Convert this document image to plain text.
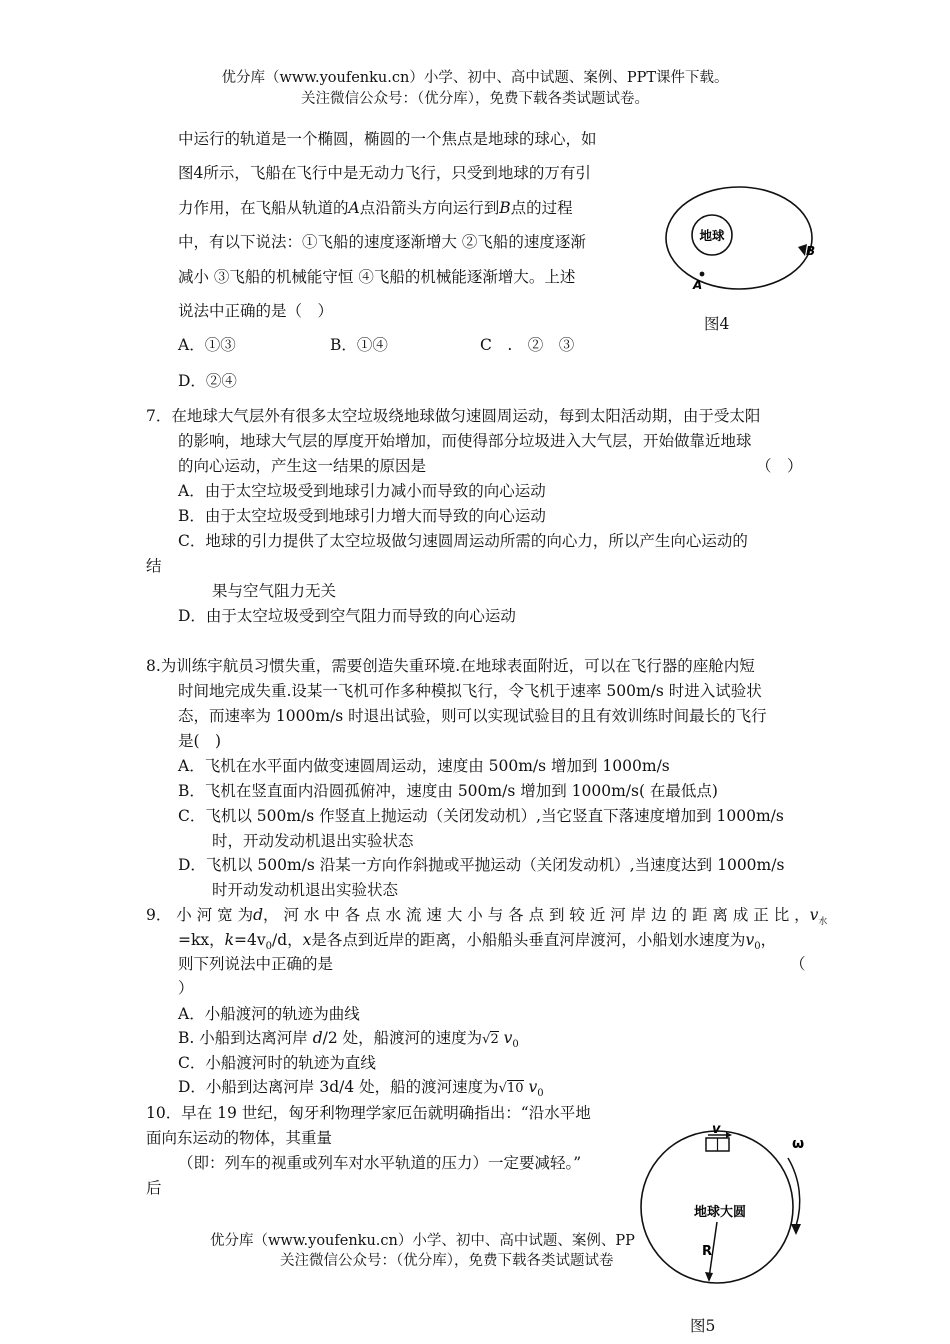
优分库（www.youfenku.cn）小学、初中、高中试题、案例、PPT课件下载。
关注微信公众号：（优分库），免费下载各类试题试卷。
中运行的轨道是一个椭圆，椭圆的一个焦点是地球的球心，如
图4所示，飞船在飞行中是无动力飞行，只受到地球的万有引
力作用，在飞船从轨道的A点沿箭头方向运行到B点的过程
中，有以下说法：①飞船的速度逐渐增大 ②飞船的速度逐渐
减小 ③飞船的机械能守恒 ④飞船的机械能逐渐增大。上述
说法中正确的是（　）
A．①③	B．①④	C　.　②　③
D．②④
地球
A
B
图4
7．在地球大气层外有很多太空垃圾绕地球做匀速圆周运动，每到太阳活动期，由于受太阳
的影响，地球大气层的厚度开始增加，而使得部分垃圾进入大气层，开始做靠近地球
的向心运动，产生这一结果的原因是	（　）
A．由于太空垃圾受到地球引力减小而导致的向心运动
B．由于太空垃圾受到地球引力增大而导致的向心运动
C．地球的引力提供了太空垃圾做匀速圆周运动所需的向心力，所以产生向心运动的
结
果与空气阻力无关
D．由于太空垃圾受到空气阻力而导致的向心运动
8.为训练宇航员习惯失重，需要创造失重环境.在地球表面附近，可以在飞行器的座舱内短
时间地完成失重.设某一飞机可作多种模拟飞行，令飞机于速率 500m/s 时进入试验状
态，而速率为 1000m/s 时退出试验，则可以实现试验目的且有效训练时间最长的飞行
是(　)
A．飞机在水平面内做变速圆周运动，速度由 500m/s 增加到 1000m/s
B．飞机在竖直面内沿圆孤俯冲，速度由 500m/s 增加到 1000m/s( 在最低点)
C．飞机以 500m/s 作竖直上抛运动（关闭发动机）,当它竖直下落速度增加到 1000m/s
时，开动发动机退出实验状态
D．飞机以 500m/s 沿某一方向作斜抛或平抛运动（关闭发动机）,当速度达到 1000m/s
时开动发动机退出实验状态
9． 小 河 宽 为d， 河 水 中 各 点 水 流 速 大 小 与 各 点 到 较 近 河 岸 边 的 距 离 成 正 比 ，$v_水$
=kx，$k=4v_0/d$，x是各点到近岸的距离，小船船头垂直河岸渡河，小船划水速度为$v_0$，
则下列说法中正确的是	（
）
A．小船渡河的轨迹为曲线
B. 小船到达离河岸 d/2 处，船渡河的速度为√2 $v_0$
C．小船渡河时的轨迹为直线
D．小船到达离河岸 3d/4 处，船的渡河速度为√10 $v_0$
10．早在 19 世纪，匈牙利物理学家厄缶就明确指出：“沿水平地
面向东运动的物体，其重量
（即：列车的视重或列车对水平轨道的压力）一定要减轻。”
后
优分库（www.youfenku.cn）小学、初中、高中试题、案例、PP
关注微信公众号：（优分库），免费下载各类试题试卷
v
ω
地球大圆
R
图5
